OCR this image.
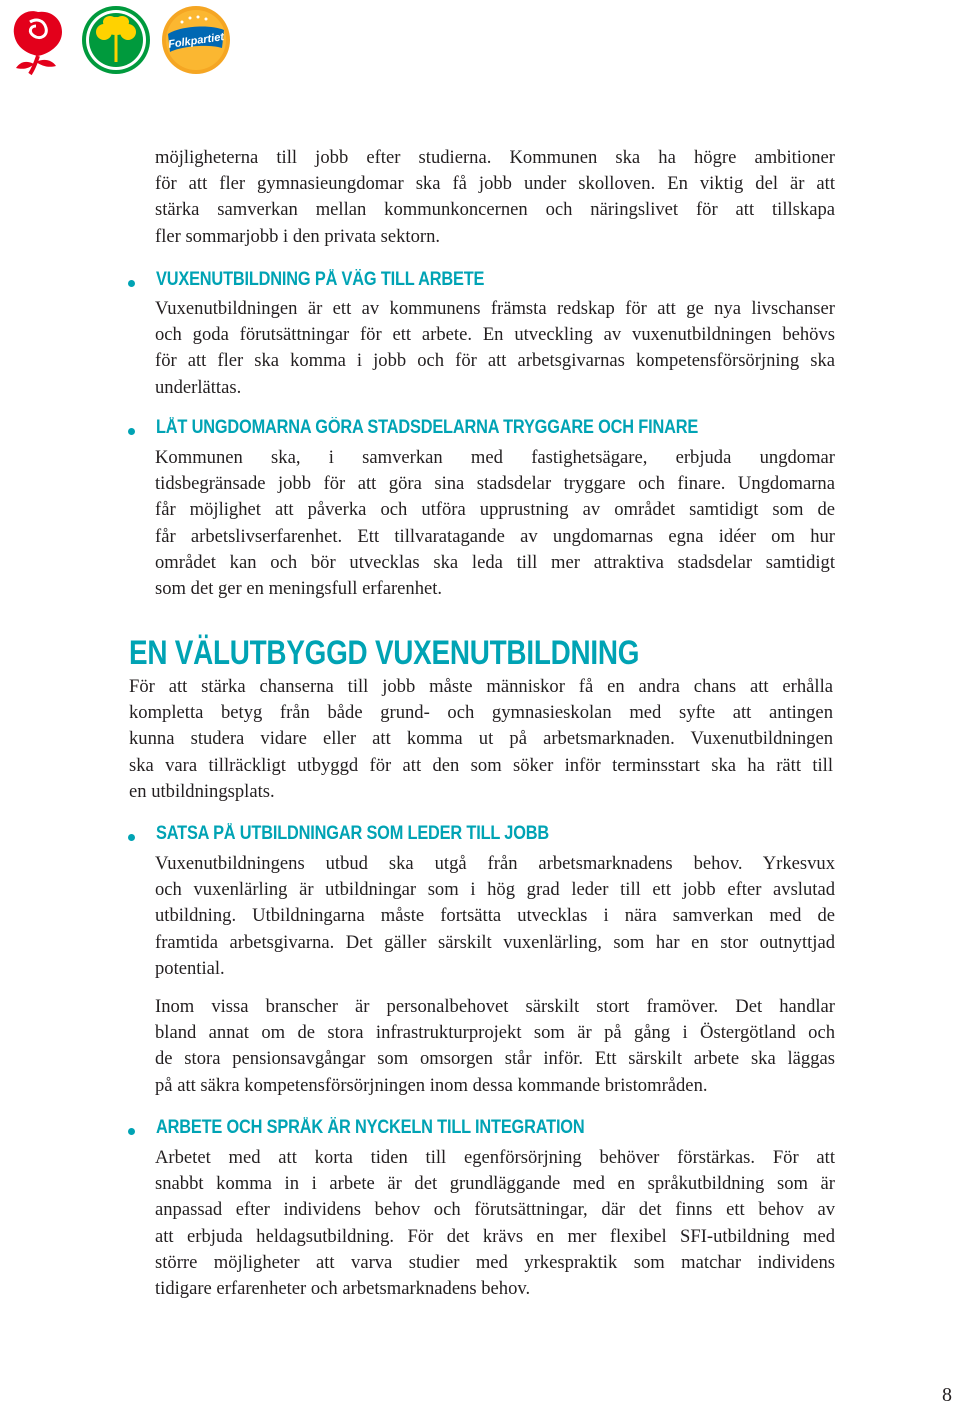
Folkpartiet
möjligheterna till jobb efter studierna. Kommunen ska ha högre ambitioner
för att fler gymnasieungdomar ska få jobb under skolloven. En viktig del är att
stärka samverkan mellan kommunkoncernen och näringslivet för att tillskapa
fler sommarjobb i den privata sektorn.
VUXENUTBILDNING PÅ VÄG TILL ARBETE
Vuxenutbildningen är ett av kommunens främsta redskap för att ge nya livschanser
och goda förutsättningar för ett arbete. En utveckling av vuxenutbildningen behövs
för att fler ska komma i jobb och för att arbetsgivarnas kompetensförsörjning ska
underlättas.
LÅT UNGDOMARNA GÖRA STADSDELARNA TRYGGARE OCH FINARE
Kommunen ska, i samverkan med fastighetsägare, erbjuda ungdomar
tidsbegränsade jobb för att göra sina stadsdelar tryggare och finare. Ungdomarna
får möjlighet att påverka och utföra upprustning av området samtidigt som de
får arbetslivserfarenhet. Ett tillvaratagande av ungdomarnas egna idéer om hur
området kan och bör utvecklas ska leda till mer attraktiva stadsdelar samtidigt
som det ger en meningsfull erfarenhet.
EN VÄLUTBYGGD VUXENUTBILDNING
För att stärka chanserna till jobb måste människor få en andra chans att erhålla
kompletta betyg från både grund- och gymnasieskolan med syfte att antingen
kunna studera vidare eller att komma ut på arbetsmarknaden. Vuxenutbildningen
ska vara tillräckligt utbyggd för att den som söker inför terminsstart ska ha rätt till
en utbildningsplats.
SATSA PÅ UTBILDNINGAR SOM LEDER TILL JOBB
Vuxenutbildningens utbud ska utgå från arbetsmarknadens behov. Yrkesvux
och vuxenlärling är utbildningar som i hög grad leder till ett jobb efter avslutad
utbildning. Utbildningarna måste fortsätta utvecklas i nära samverkan med de
framtida arbetsgivarna. Det gäller särskilt vuxenlärling, som har en stor outnyttjad
potential.
Inom vissa branscher är personalbehovet särskilt stort framöver. Det handlar
bland annat om de stora infrastrukturprojekt som är på gång i Östergötland och
de stora pensionsavgångar som omsorgen står inför. Ett särskilt arbete ska läggas
på att säkra kompetensförsörjningen inom dessa kommande bristområden.
ARBETE OCH SPRÅK ÄR NYCKELN TILL INTEGRATION
Arbetet med att korta tiden till egenförsörjning behöver förstärkas. För att
snabbt komma in i arbete är det grundläggande med en språkutbildning som är
anpassad efter individens behov och förutsättningar, där det finns ett behov av
att erbjuda heldagsutbildning. För det krävs en mer flexibel SFI-utbildning med
större möjligheter att varva studier med yrkespraktik som matchar individens
tidigare erfarenheter och arbetsmarknadens behov.
8
